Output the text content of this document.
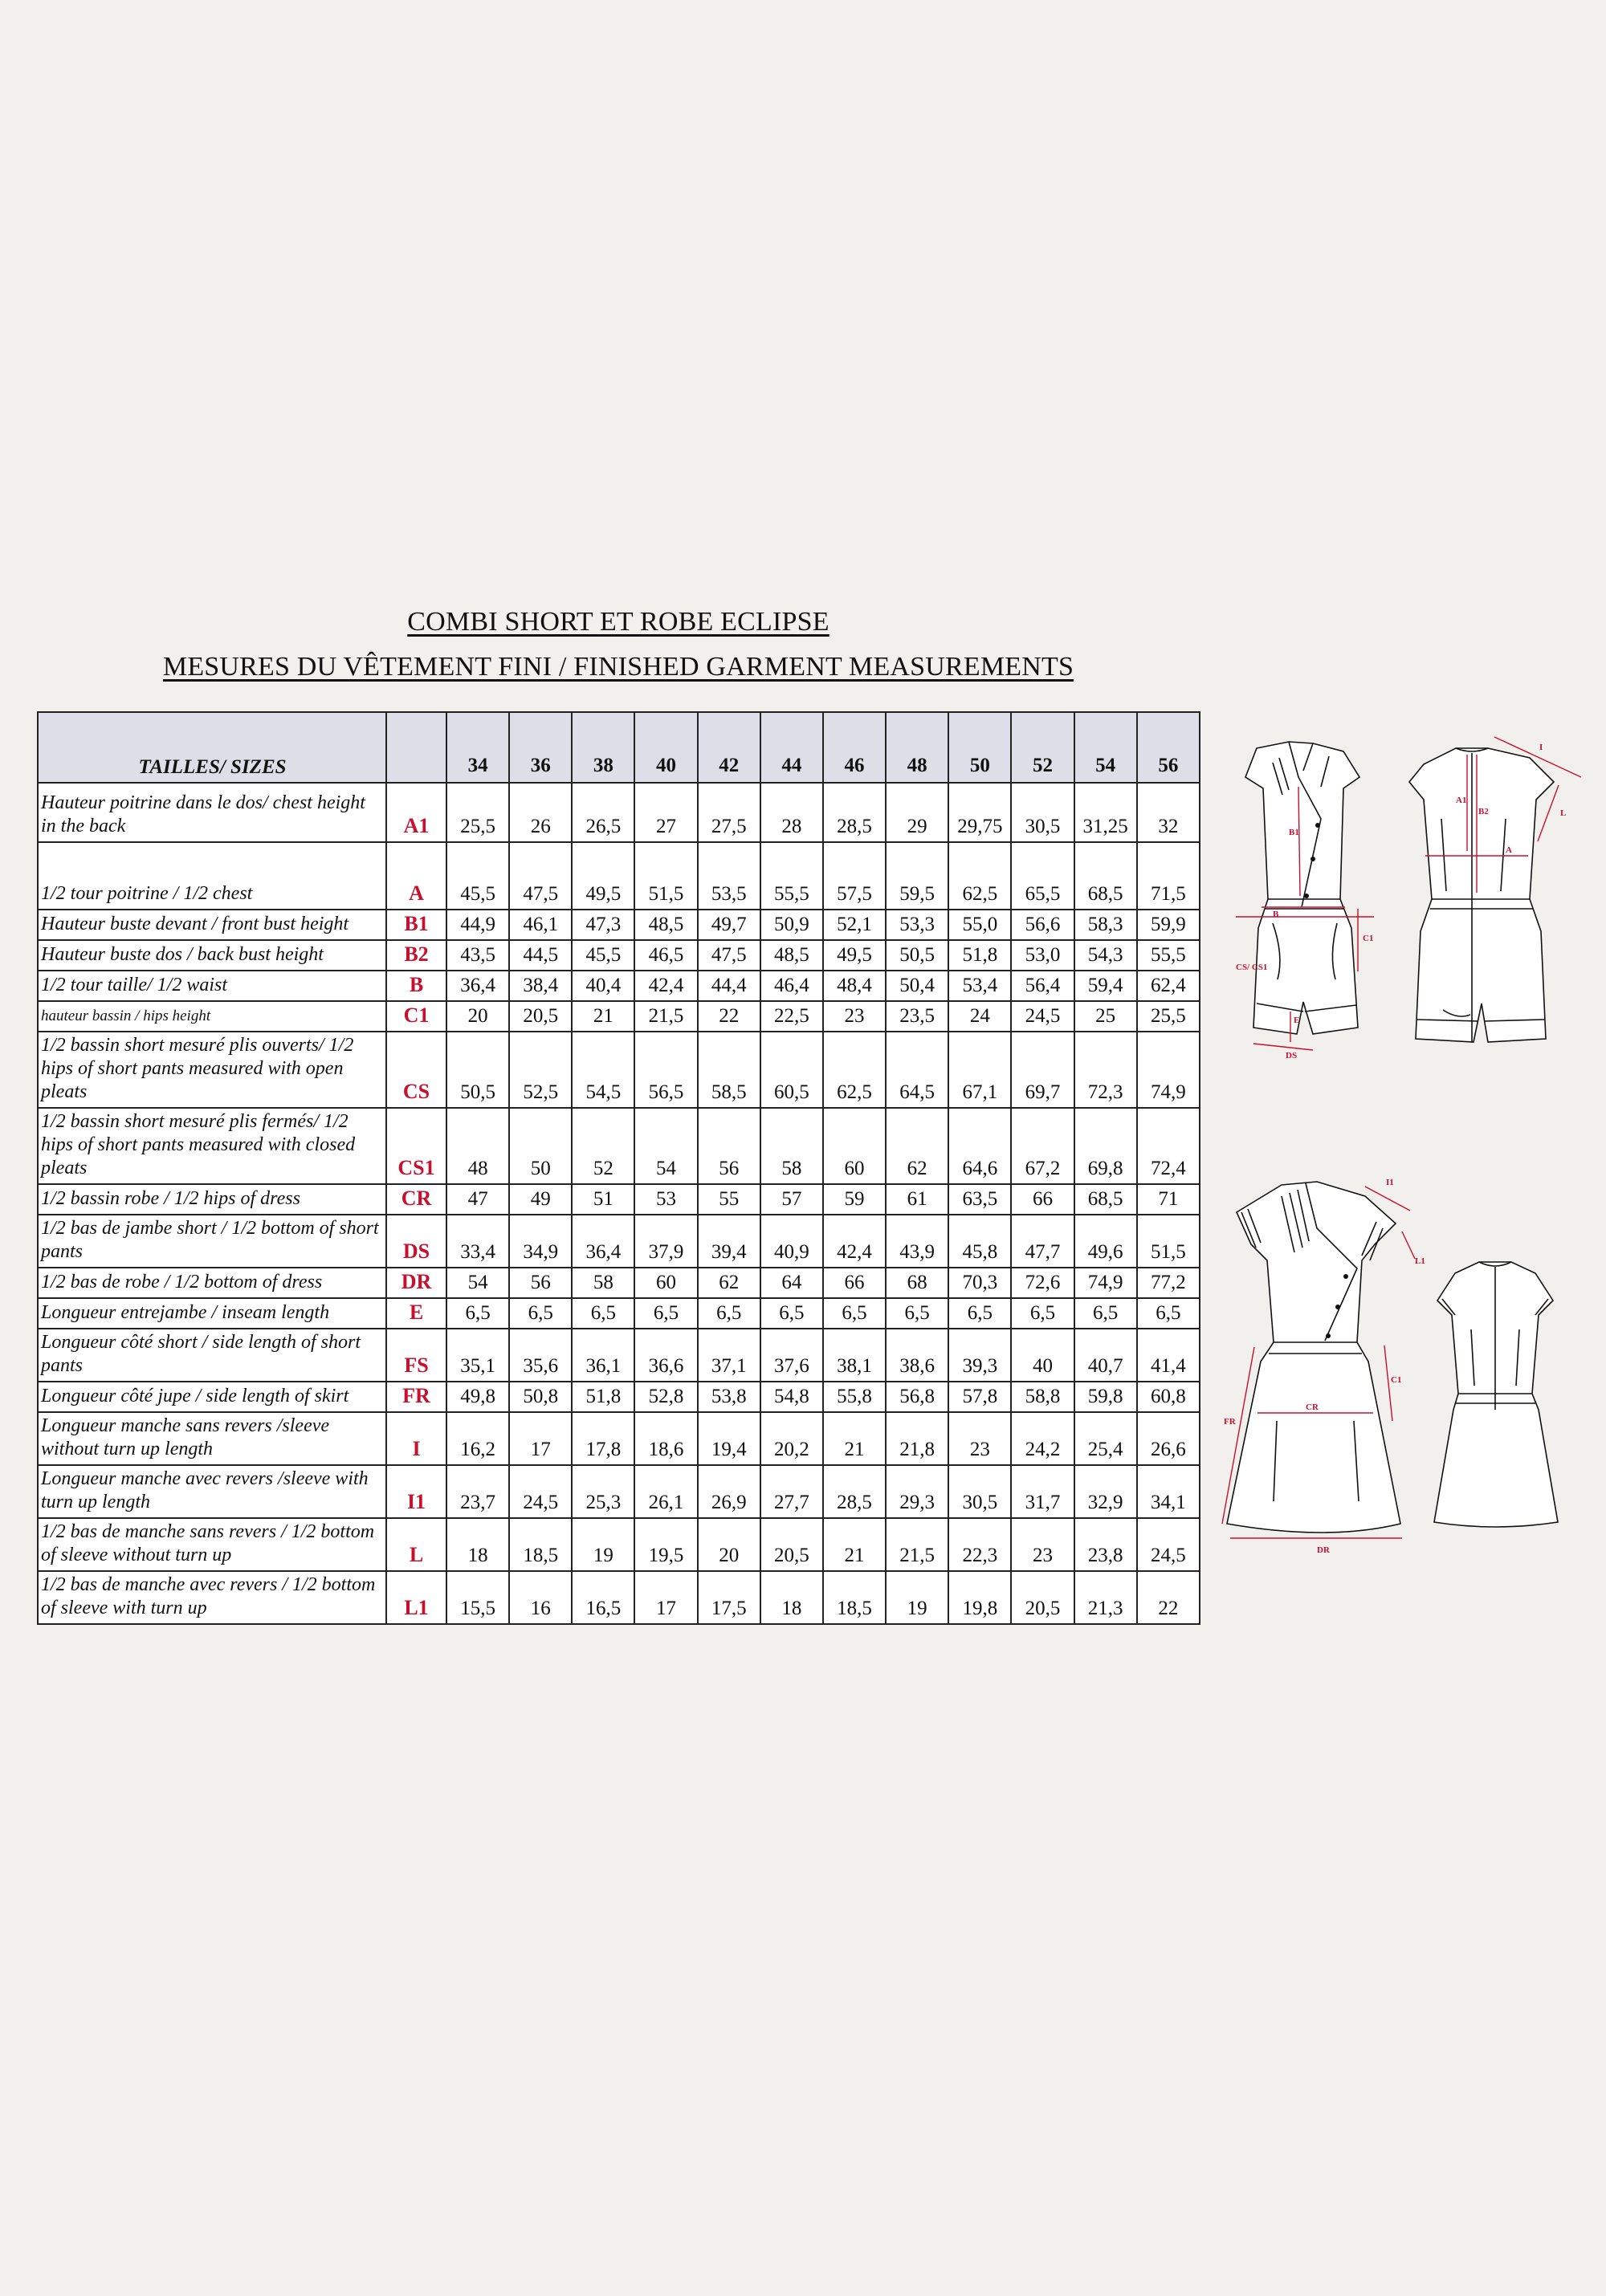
COMBI SHORT ET ROBE ECLIPSE
MESURES DU VÊTEMENT FINI / FINISHED GARMENT MEASUREMENTS
TAILLES/ SIZES		34	36	38	40	42	44	46	48	50	52	54	56
Hauteur poitrine dans le dos/ chest height in the back	A1	25,5	26	26,5	27	27,5	28	28,5	29	29,75	30,5	31,25	32
1/2 tour poitrine / 1/2 chest	A	45,5	47,5	49,5	51,5	53,5	55,5	57,5	59,5	62,5	65,5	68,5	71,5
Hauteur buste devant / front bust height	B1	44,9	46,1	47,3	48,5	49,7	50,9	52,1	53,3	55,0	56,6	58,3	59,9
Hauteur buste dos / back bust height	B2	43,5	44,5	45,5	46,5	47,5	48,5	49,5	50,5	51,8	53,0	54,3	55,5
1/2 tour taille/ 1/2 waist	B	36,4	38,4	40,4	42,4	44,4	46,4	48,4	50,4	53,4	56,4	59,4	62,4
hauteur bassin / hips height	C1	20	20,5	21	21,5	22	22,5	23	23,5	24	24,5	25	25,5
1/2 bassin short mesuré plis ouverts/ 1/2 hips of short pants measured with open pleats	CS	50,5	52,5	54,5	56,5	58,5	60,5	62,5	64,5	67,1	69,7	72,3	74,9
1/2 bassin short mesuré plis fermés/ 1/2 hips of short pants measured with closed pleats	CS1	48	50	52	54	56	58	60	62	64,6	67,2	69,8	72,4
1/2 bassin robe / 1/2 hips of dress	CR	47	49	51	53	55	57	59	61	63,5	66	68,5	71
1/2 bas de jambe short / 1/2 bottom of short pants	DS	33,4	34,9	36,4	37,9	39,4	40,9	42,4	43,9	45,8	47,7	49,6	51,5
1/2 bas de robe / 1/2 bottom of dress	DR	54	56	58	60	62	64	66	68	70,3	72,6	74,9	77,2
Longueur entrejambe / inseam length	E	6,5	6,5	6,5	6,5	6,5	6,5	6,5	6,5	6,5	6,5	6,5	6,5
Longueur côté short / side length of short pants	FS	35,1	35,6	36,1	36,6	37,1	37,6	38,1	38,6	39,3	40	40,7	41,4
Longueur côté jupe / side length of skirt	FR	49,8	50,8	51,8	52,8	53,8	54,8	55,8	56,8	57,8	58,8	59,8	60,8
Longueur manche sans revers /sleeve without turn up length	I	16,2	17	17,8	18,6	19,4	20,2	21	21,8	23	24,2	25,4	26,6
Longueur manche avec revers /sleeve with turn up length	I1	23,7	24,5	25,3	26,1	26,9	27,7	28,5	29,3	30,5	31,7	32,9	34,1
1/2 bas de manche sans revers / 1/2 bottom of sleeve without turn up	L	18	18,5	19	19,5	20	20,5	21	21,5	22,3	23	23,8	24,5
1/2 bas de manche avec revers / 1/2 bottom of sleeve with turn up	L1	15,5	16	16,5	17	17,5	18	18,5	19	19,8	20,5	21,3	22
B1
B
CS/ CS1
C1
DS
E
A1
B2
A
I
L
I1
L1
FR
CR
DR
C1
